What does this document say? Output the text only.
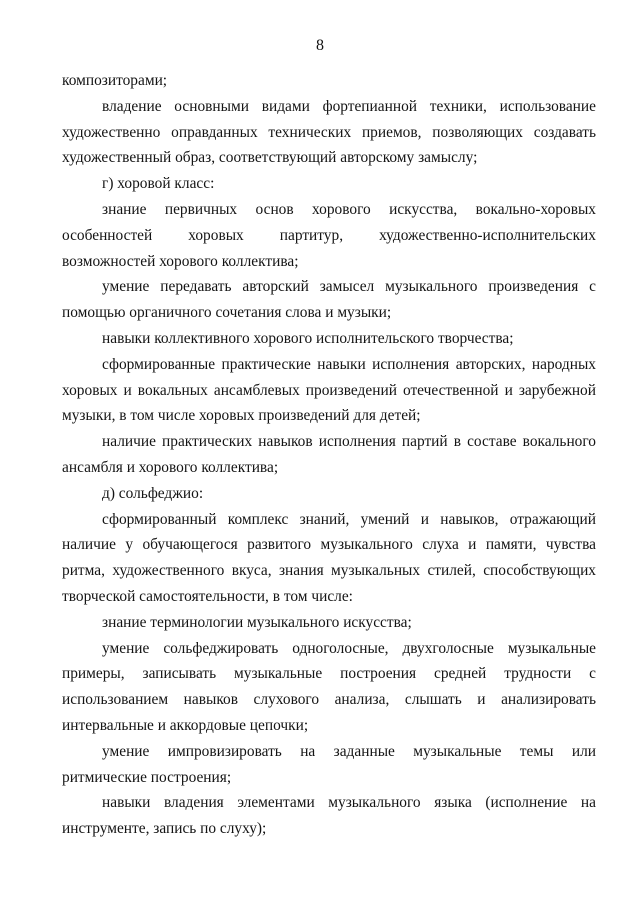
8

композиторами;

владение основными видами фортепианной техники, использование художественно оправданных технических приемов, позволяющих создавать художественный образ, соответствующий авторскому замыслу;

г) хоровой класс:

знание первичных основ хорового искусства, вокально-хоровых особенностей хоровых партитур, художественно-исполнительских возможностей хорового коллектива;

умение передавать авторский замысел музыкального произведения с помощью органичного сочетания слова и музыки;

навыки коллективного хорового исполнительского творчества;

сформированные практические навыки исполнения авторских, народных хоровых и вокальных ансамблевых произведений отечественной и зарубежной музыки, в том числе хоровых произведений для детей;

наличие практических навыков исполнения партий в составе вокального ансамбля и хорового коллектива;

д) сольфеджио:

сформированный комплекс знаний, умений и навыков, отражающий наличие у обучающегося развитого музыкального слуха и памяти, чувства ритма, художественного вкуса, знания музыкальных стилей, способствующих творческой самостоятельности, в том числе:

знание терминологии музыкального искусства;

умение сольфеджировать одноголосные, двухголосные музыкальные примеры, записывать музыкальные построения средней трудности с использованием навыков слухового анализа, слышать и анализировать интервальные и аккордовые цепочки;

умение импровизировать на заданные музыкальные темы или ритмические построения;

навыки владения элементами музыкального языка (исполнение на инструменте, запись по слуху);
